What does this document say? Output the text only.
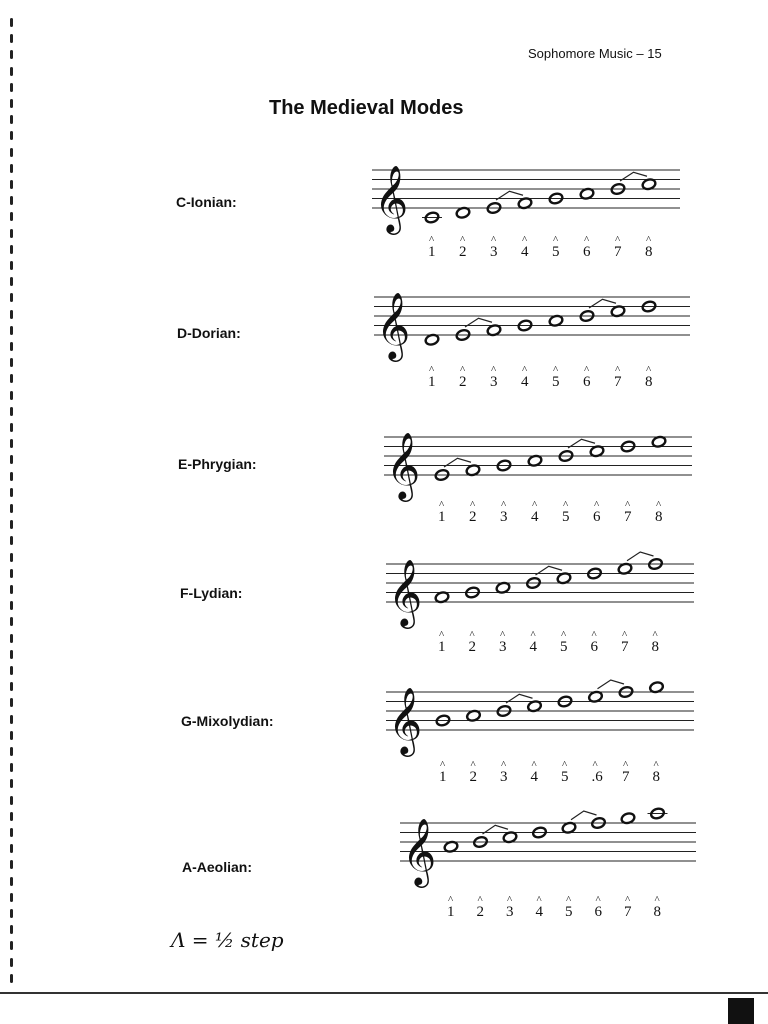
Sophomore Music – 15
The Medieval Modes
C-Ionian:
D-Dorian:
E-Phrygian:
F-Lydian:
G-Mixolydian:
A-Aeolian:
𝄞
^
1
^
2
^
3
^
4
^
5
^
6
^
7
^
8
𝄞
^
1
^
2
^
3
^
4
^
5
^
6
^
7
^
8
𝄞
^
1
^
2
^
3
^
4
^
5
^
6
^
7
^
8
𝄞
^
1
^
2
^
3
^
4
^
5
^
6
^
7
^
8
𝄞
^
1
^
2
^
3
^
4
^
5
^
.6
^
7
^
8
𝄞
^
1
^
2
^
3
^
4
^
5
^
6
^
7
^
8
Λ = ½ step
